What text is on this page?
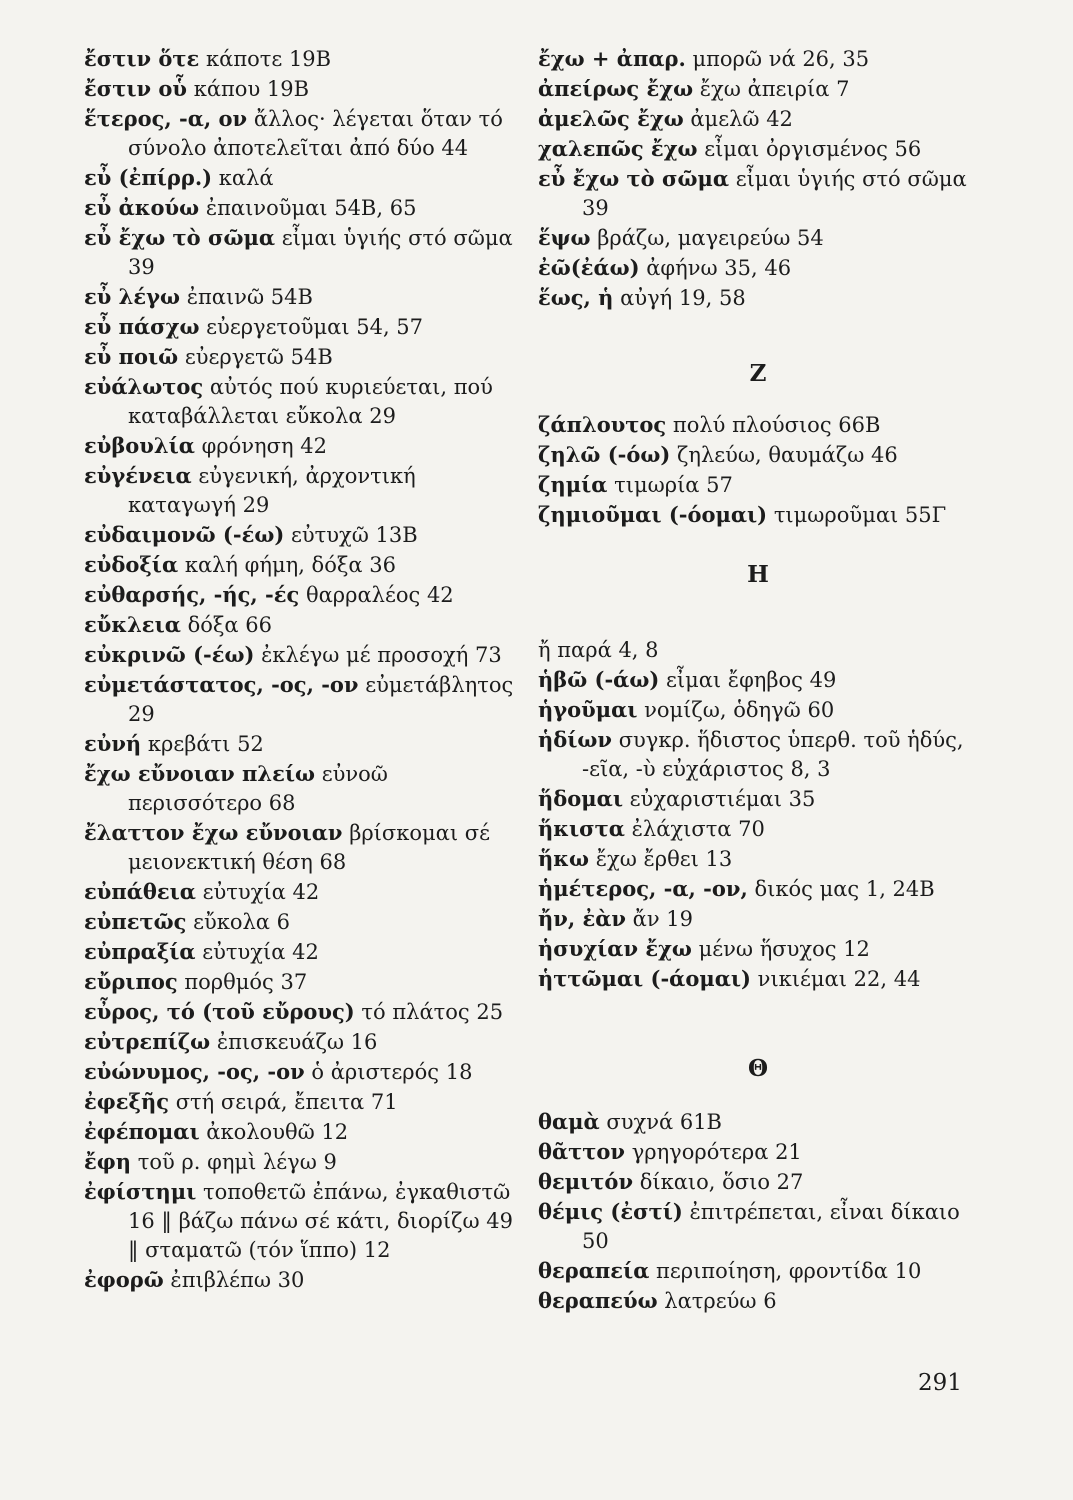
ἔστιν ὅτε κάποτε 19Β

ἔστιν οὗ κάπου 19Β

ἕτερος, -α, ον ἄλλος· λέγεται ὅταν τό σύνολο ἀποτελεῖται ἀπό δύο 44

εὖ (ἐπίρρ.) καλά

εὖ ἀκούω ἐπαινοῦμαι 54Β, 65

εὖ ἔχω τὸ σῶμα εἶμαι ὑγιής στό σῶμα 39

εὖ λέγω ἐπαινῶ 54Β

εὖ πάσχω εὐεργετοῦμαι 54, 57

εὖ ποιῶ εὐεργετῶ 54Β

εὐάλωτος αὐτός πού κυριεύεται, πού καταβάλλεται εὔκολα 29

εὐβουλία φρόνηση 42

εὐγένεια εὐγενική, ἀρχοντική καταγωγή 29

εὐδαιμονῶ (-έω) εὐτυχῶ 13Β

εὐδοξία καλή φήμη, δόξα 36

εὐθαρσής, -ής, -ές θαρραλέος 42

εὔκλεια δόξα 66

εὐκρινῶ (-έω) ἐκλέγω μέ προσοχή 73

εὐμετάστατος, -ος, -ον εὐμετάβλητος 29

εὐνή κρεβάτι 52

ἔχω εὔνοιαν πλείω εὐνοῶ περισσότερο 68

ἔλαττον ἔχω εὔνοιαν βρίσκομαι σέ μειονεκτική θέση 68

εὐπάθεια εὐτυχία 42

εὐπετῶς εὔκολα 6

εὐπραξία εὐτυχία 42

εὔριπος πορθμός 37

εὖρος, τό (τοῦ εὔρους) τό πλάτος 25

εὐτρεπίζω ἐπισκευάζω 16

εὐώνυμος, -ος, -ον ὁ ἀριστερός 18

ἐφεξῆς στή σειρά, ἔπειτα 71

ἐφέπομαι ἀκολουθῶ 12

ἔφη τοῦ ρ. φημὶ λέγω 9

ἐφίστημι τοποθετῶ ἐπάνω, ἐγκαθιστῶ 16 ‖ βάζω πάνω σέ κάτι, διορίζω 49 ‖ σταματῶ (τόν ἵππο) 12

ἐφορῶ ἐπιβλέπω 30

ἔχω + ἀπαρ. μπορῶ νά 26, 35

ἀπείρως ἔχω ἔχω ἀπειρία 7

ἀμελῶς ἔχω ἀμελῶ 42

χαλεπῶς ἔχω εἶμαι ὀργισμένος 56

εὖ ἔχω τὸ σῶμα εἶμαι ὑγιής στό σῶμα 39

ἕψω βράζω, μαγειρεύω 54

ἐῶ(ἐάω) ἀφήνω 35, 46

ἕως, ἡ αὐγή 19, 58

Ζ

ζάπλουτος πολύ πλούσιος 66Β

ζηλῶ (-όω) ζηλεύω, θαυμάζω 46

ζημία τιμωρία 57

ζημιοῦμαι (-όομαι) τιμωροῦμαι 55Γ

Η

ἤ παρά 4, 8

ἡβῶ (-άω) εἶμαι ἔφηβος 49

ἡγοῦμαι νομίζω, ὁδηγῶ 60

ἡδίων συγκρ. ἥδιστος ὑπερθ. τοῦ ἡδύς, -εῖα, -ὺ εὐχάριστος 8, 3

ἥδομαι εὐχαριστιέμαι 35

ἥκιστα ἐλάχιστα 70

ἥκω ἔχω ἔρθει 13

ἡμέτερος, -α, -ον, δικός μας 1, 24Β

ἤν, ἐὰν ἄν 19

ἡσυχίαν ἔχω μένω ἥσυχος 12

ἡττῶμαι (-άομαι) νικιέμαι 22, 44

Θ

θαμὰ συχνά 61Β

θᾶττον γρηγορότερα 21

θεμιτόν δίκαιο, ὅσιο 27

θέμις (ἐστί) ἐπιτρέπεται, εἶναι δίκαιο 50

θεραπεία περιποίηση, φροντίδα 10

θεραπεύω λατρεύω 6

291
